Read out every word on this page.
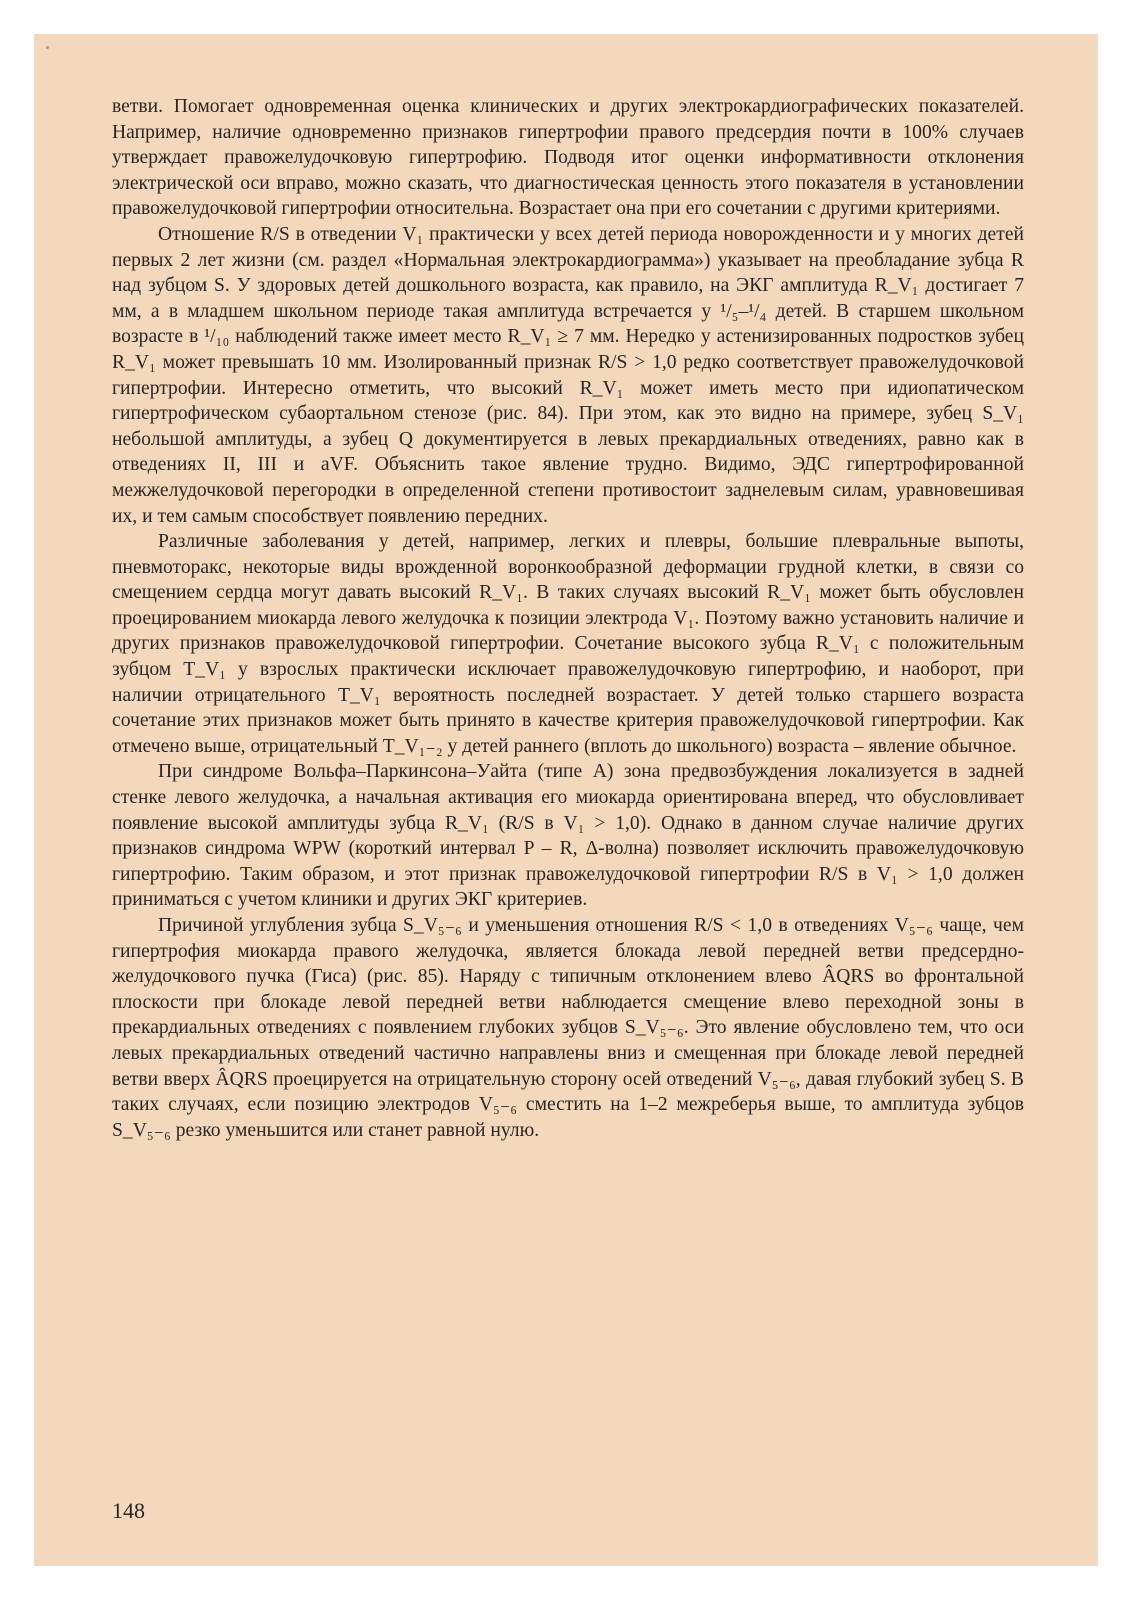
ветви. Помогает одновременная оценка клинических и других электрокардиографических показателей. Например, наличие одновременно признаков гипертрофии правого предсердия почти в 100% случаев утверждает правожелудочковую гипертрофию. Подводя итог оценки информативности отклонения электрической оси вправо, можно сказать, что диагностическая ценность этого показателя в установлении правожелудочковой гипертрофии относительна. Возрастает она при его сочетании с другими критериями.

Отношение R/S в отведении V₁ практически у всех детей периода новорожденности и у многих детей первых 2 лет жизни (см. раздел «Нормальная электрокардиограмма») указывает на преобладание зубца R над зубцом S. У здоровых детей дошкольного возраста, как правило, на ЭКГ амплитуда R_V₁ достигает 7 мм, а в младшем школьном периоде такая амплитуда встречается у ¹/₅–¹/₄ детей. В старшем школьном возрасте в ¹/₁₀ наблюдений также имеет место R_V₁ ≥ 7 мм. Нередко у астенизированных подростков зубец R_V₁ может превышать 10 мм. Изолированный признак R/S > 1,0 редко соответствует правожелудочковой гипертрофии. Интересно отметить, что высокий R_V₁ может иметь место при идиопатическом гипертрофическом субаортальном стенозе (рис. 84). При этом, как это видно на примере, зубец S_V₁ небольшой амплитуды, а зубец Q документируется в левых прекардиальных отведениях, равно как в отведениях II, III и aVF. Объяснить такое явление трудно. Видимо, ЭДС гипертрофированной межжелудочковой перегородки в определенной степени противостоит заднелевым силам, уравновешивая их, и тем самым способствует появлению передних.

Различные заболевания у детей, например, легких и плевры, большие плевральные выпоты, пневмоторакс, некоторые виды врожденной воронкообразной деформации грудной клетки, в связи со смещением сердца могут давать высокий R_V₁. В таких случаях высокий R_V₁ может быть обусловлен проецированием миокарда левого желудочка к позиции электрода V₁. Поэтому важно установить наличие и других признаков правожелудочковой гипертрофии. Сочетание высокого зубца R_V₁ с положительным зубцом T_V₁ у взрослых практически исключает правожелудочковую гипертрофию, и наоборот, при наличии отрицательного T_V₁ вероятность последней возрастает. У детей только старшего возраста сочетание этих признаков может быть принято в качестве критерия правожелудочковой гипертрофии. Как отмечено выше, отрицательный T_V₁₋₂ у детей раннего (вплоть до школьного) возраста – явление обычное.

При синдроме Вольфа–Паркинсона–Уайта (типе А) зона предвозбуждения локализуется в задней стенке левого желудочка, а начальная активация его миокарда ориентирована вперед, что обусловливает появление высокой амплитуды зубца R_V₁ (R/S в V₁ > 1,0). Однако в данном случае наличие других признаков синдрома WPW (короткий интервал P – R, Δ-волна) позволяет исключить правожелудочковую гипертрофию. Таким образом, и этот признак правожелудочковой гипертрофии R/S в V₁ > 1,0 должен приниматься с учетом клиники и других ЭКГ критериев.

Причиной углубления зубца S_V₅₋₆ и уменьшения отношения R/S < 1,0 в отведениях V₅₋₆ чаще, чем гипертрофия миокарда правого желудочка, является блокада левой передней ветви предсердно-желудочкового пучка (Гиса) (рис. 85). Наряду с типичным отклонением влево ÂQRS во фронтальной плоскости при блокаде левой передней ветви наблюдается смещение влево переходной зоны в прекардиальных отведениях с появлением глубоких зубцов S_V₅₋₆. Это явление обусловлено тем, что оси левых прекардиальных отведений частично направлены вниз и смещенная при блокаде левой передней ветви вверх ÂQRS проецируется на отрицательную сторону осей отведений V₅₋₆, давая глубокий зубец S. В таких случаях, если позицию электродов V₅₋₆ сместить на 1–2 межреберья выше, то амплитуда зубцов S_V₅₋₆ резко уменьшится или станет равной нулю.

148
